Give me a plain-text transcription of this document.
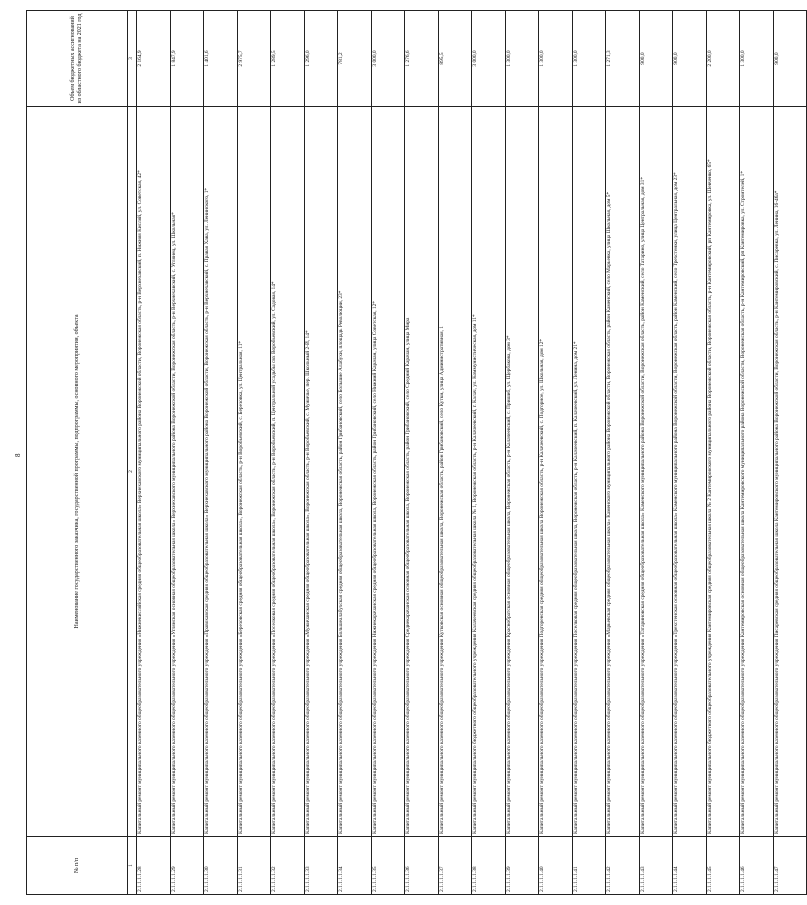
8
№ п/п	Наименование государственного заказчика, государственной программы, подпрограммы, основного мероприятия, объекта	Объем бюджетных ассигнований из областного бюджета на 2021 год
1	2	3
2.1.1.1.1.28	Капитальный ремонт муниципального казенного общеобразовательного учреждения «Нижнекисляйская средняя общеобразовательная школа» Верхнехавского муниципального района Воронежской области, Воронежская область, р-н Верхнехавский, п. Нижняя Кисляй, ул. Советская, 42*	2 164,9
2.1.1.1.1.29	Капитальный ремонт муниципального казенного общеобразовательного учреждения «Углянская основная общеобразовательная школа» Верхнехавского муниципального района Воронежской области, Воронежская область, р-н Верхнехавский, с. Углянец, ул. Школьная*	1 847,9
2.1.1.1.1.30	Капитальный ремонт муниципального казенного общеобразовательного учреждения «Правохавская средняя общеобразовательная школа» Верхнехавского муниципального района Воронежской области, Воронежская область, р-н Верхнехавский, с. Правая Хава, ул. Ленинского, 1*	1 401,6
2.1.1.1.1.31	Капитальный ремонт муниципального казенного общеобразовательного учреждения «Березовская средняя общеобразовательная школа», Воронежская область, р-н Воробьевский, с. Березовка, ул. Центральная, 11*	2 975,7
2.1.1.1.1.32	Капитальный ремонт муниципального казенного общеобразовательного учреждения «Поселковая средняя общеобразовательная школа», Воронежская область, р-н Воробьевский, п. Центральной усадьбы свх Воробьевский, ул. Садовая, 14*	1 289,5
2.1.1.1.1.33	Капитальный ремонт муниципального казенного общеобразовательного учреждения «Мужичанская средняя общеобразовательная школа», Воронежская область, р-н Воробьевский, с. Мужичье, пер. Школьный 2-Й, 14*	1 296,0
2.1.1.1.1.34	Капитальный ремонт муниципального казенного общеобразовательного учреждения Большеалабухская средняя общеобразовательная школа, Воронежская область, район Грибановский, село Большие Алабухи, площадь Революции, 23*	781,2
2.1.1.1.1.35	Капитальный ремонт муниципального казенного общеобразовательного учреждения Нижнекарачанская средняя общеобразовательная школа, Воронежская область, район Грибановский, село Нижний Карачан, улица Советская, 12*	3 000,0
2.1.1.1.1.36	Капитальный ремонт муниципального казенного общеобразовательного учреждения Среднекарачанская основная общеобразовательная школа, Воронежская область, район Грибановский, село Средний Карачан, улица Мира	1 276,6
2.1.1.1.1.37	Капитальный ремонт муниципального казенного общеобразовательного учреждения Кутковская основная общеобразовательная школа, Воронежская область, район Грибановский, село Кутки, улица Административная, 1	895,5
2.1.1.1.1.38	Капитальный ремонт муниципального бюджетного общеобразовательного учреждения Калачеевская средняя общеобразовательная школа № 1, Воронежская область, р-н Калачеевский, г. Калач, ул. Коммунистическая, дом 11*	3 000,0
2.1.1.1.1.39	Капитальный ремонт муниципального казенного общеобразовательного учреждения Краснобратская основная общеобразовательная школа, Воронежская область, р-н Калачеевский, с. Пришиб, ул. Щербакова, дом 3*	1 300,0
2.1.1.1.1.40	Капитальный ремонт муниципального казенного общеобразовательного учреждения Подгоренская средняя общеобразовательная школа Воронежская область, р-н Калачеевский, с. Подгорное, ул. Школьная, дом 12*	1 300,0
2.1.1.1.1.41	Капитальный ремонт муниципального казенного общеобразовательного учреждения Поселковая средняя общеобразовательная школа, Воронежская область, р-н Калачеевский, п. Калачеевский, ул. Ленина, дом 21*	1 300,0
2.1.1.1.1.42	Капитальный ремонт муниципального казенного общеобразовательного учреждения «Марьевская средняя общеобразовательная школа» Каменского муниципального района Воронежской области, Воронежская область, район Каменский, село Марьевка, улица Школьная, дом 5*	1 271,3
2.1.1.1.1.43	Капитальный ремонт муниципального казенного общеобразовательного учреждения «Татариновская средняя общеобразовательная школа» Каменского муниципального района Воронежской области, Воронежская область, район Каменский, село Татарино, улица Центральная, дом 31*	900,0
2.1.1.1.1.44	Капитальный ремонт муниципального казенного общеобразовательного учреждения «Трехстенская основная общеобразовательная школа» Каменского муниципального района Воронежской области, Воронежская область, район Каменский, село Трехстенки, улица Центральная, дом 23*	900,0
2.1.1.1.1.45	Капитальный ремонт муниципального бюджетного общеобразовательного учреждения Кантемировская средняя общеобразовательная школа № 2 Кантемировского муниципального района Воронежской области, Воронежская область, р-н Кантемировский, рп Кантемировка, ул. Шевченко, 65*	2 200,0
2.1.1.1.1.46	Капитальный ремонт муниципального казенного общеобразовательного учреждения Кантемировская основная общеобразовательная школа Кантемировского муниципального района Воронежской области, Воронежская область, р-н Кантемировский, рп Кантемировка, ул. Строителей, 1*	1 300,0
2.1.1.1.1.47	Капитальный ремонт муниципального казенного общеобразовательного учреждения Писаревская средняя общеобразовательная школа Кантемировского муниципального района Воронежской области, Воронежская область, р-н Кантемировский, с. Писаревка, ул. Ленина, 16-46а*	900,0
